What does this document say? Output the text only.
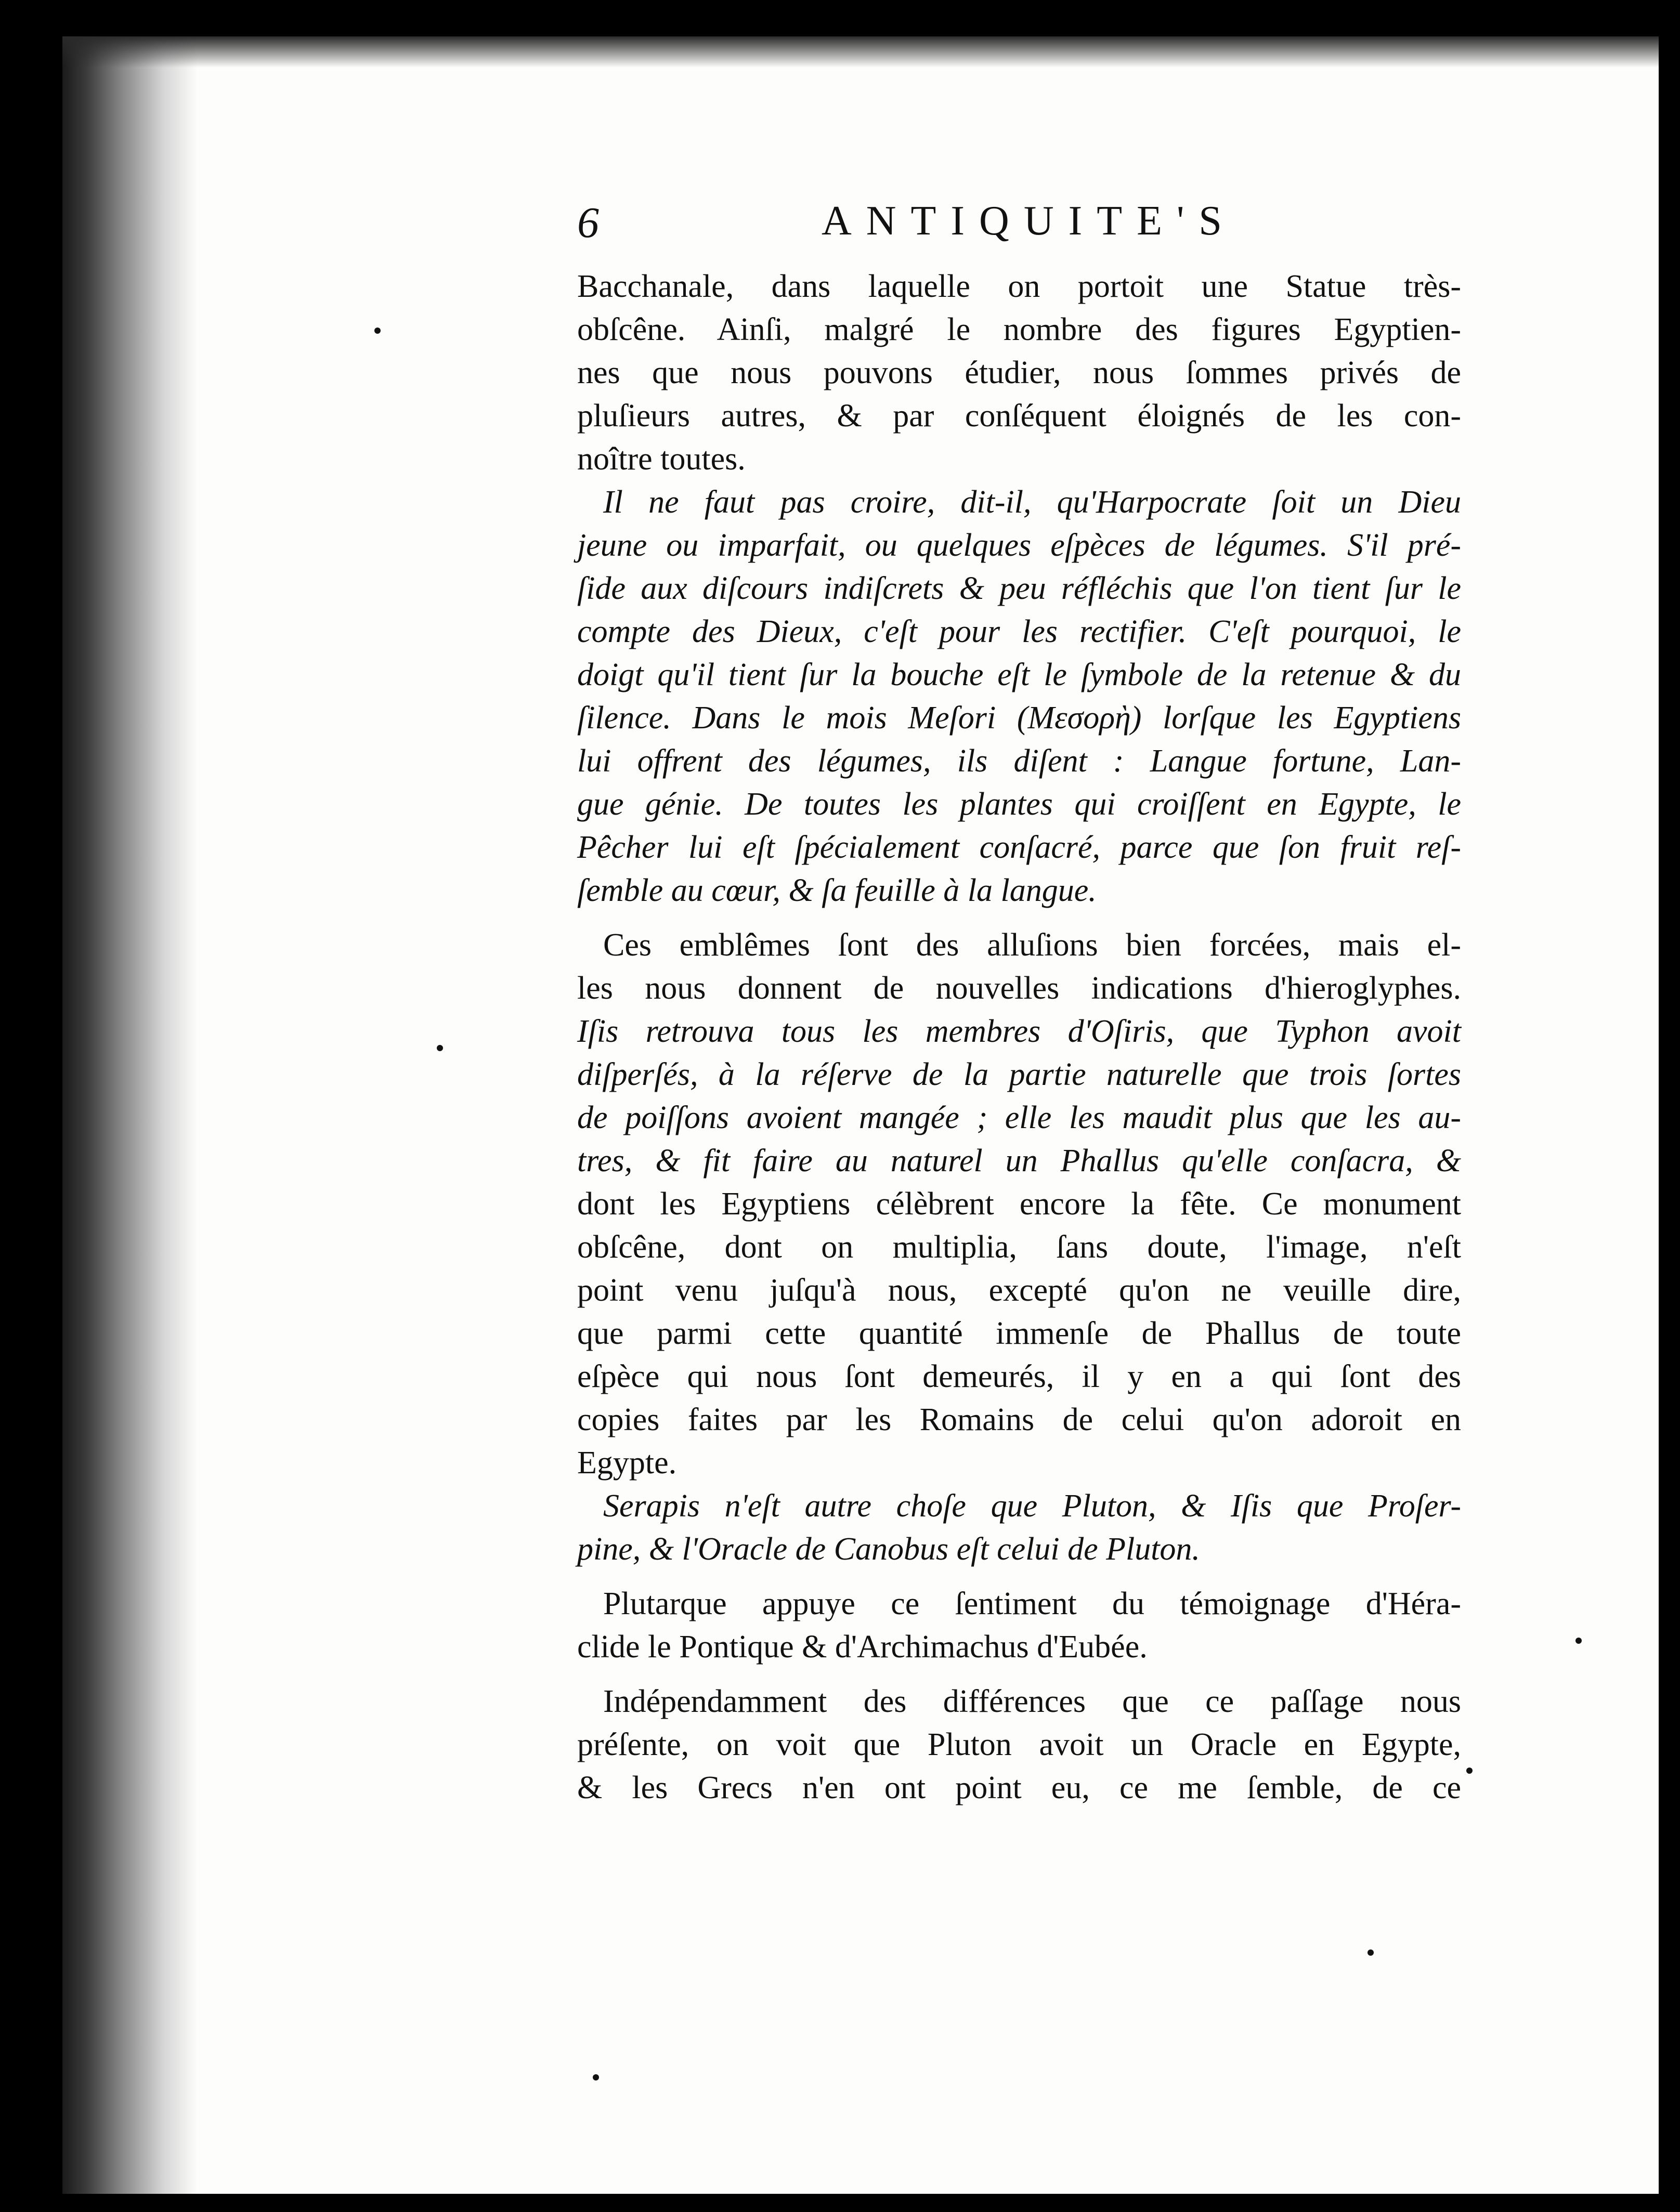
6	ANTIQUITE'S
Bacchanale, dans laquelle on portoit une Statue très-
obſcêne. Ainſi, malgré le nombre des figures Egyptien-
nes que nous pouvons étudier, nous ſommes privés de
pluſieurs autres, & par conſéquent éloignés de les con-
noître toutes.
Il ne faut pas croire, dit-il, qu'Harpocrate ſoit un Dieu
jeune ou imparfait, ou quelques eſpèces de légumes. S'il pré-
ſide aux diſcours indiſcrets & peu réfléchis que l'on tient ſur le
compte des Dieux, c'eſt pour les rectifier. C'eſt pourquoi, le
doigt qu'il tient ſur la bouche eſt le ſymbole de la retenue & du
ſilence. Dans le mois Meſori (Μεσορὴ) lorſque les Egyptiens
lui offrent des légumes, ils diſent : Langue fortune, Lan-
gue génie. De toutes les plantes qui croiſſent en Egypte, le
Pêcher lui eſt ſpécialement conſacré, parce que ſon fruit reſ-
ſemble au cœur, & ſa feuille à la langue.
Ces emblêmes ſont des alluſions bien forcées, mais el-
les nous donnent de nouvelles indications d'hieroglyphes.
Iſis retrouva tous les membres d'Oſiris, que Typhon avoit
diſperſés, à la réſerve de la partie naturelle que trois ſortes
de poiſſons avoient mangée ; elle les maudit plus que les au-
tres, & fit faire au naturel un Phallus qu'elle conſacra, &
dont les Egyptiens célèbrent encore la fête. Ce monument
obſcêne, dont on multiplia, ſans doute, l'image, n'eſt
point venu juſqu'à nous, excepté qu'on ne veuille dire,
que parmi cette quantité immenſe de Phallus de toute
eſpèce qui nous ſont demeurés, il y en a qui ſont des
copies faites par les Romains de celui qu'on adoroit en
Egypte.
Serapis n'eſt autre choſe que Pluton, & Iſis que Proſer-
pine, & l'Oracle de Canobus eſt celui de Pluton.
Plutarque appuye ce ſentiment du témoignage d'Héra-
clide le Pontique & d'Archimachus d'Eubée.
Indépendamment des différences que ce paſſage nous
préſente, on voit que Pluton avoit un Oracle en Egypte,
& les Grecs n'en ont point eu, ce me ſemble, de ce
